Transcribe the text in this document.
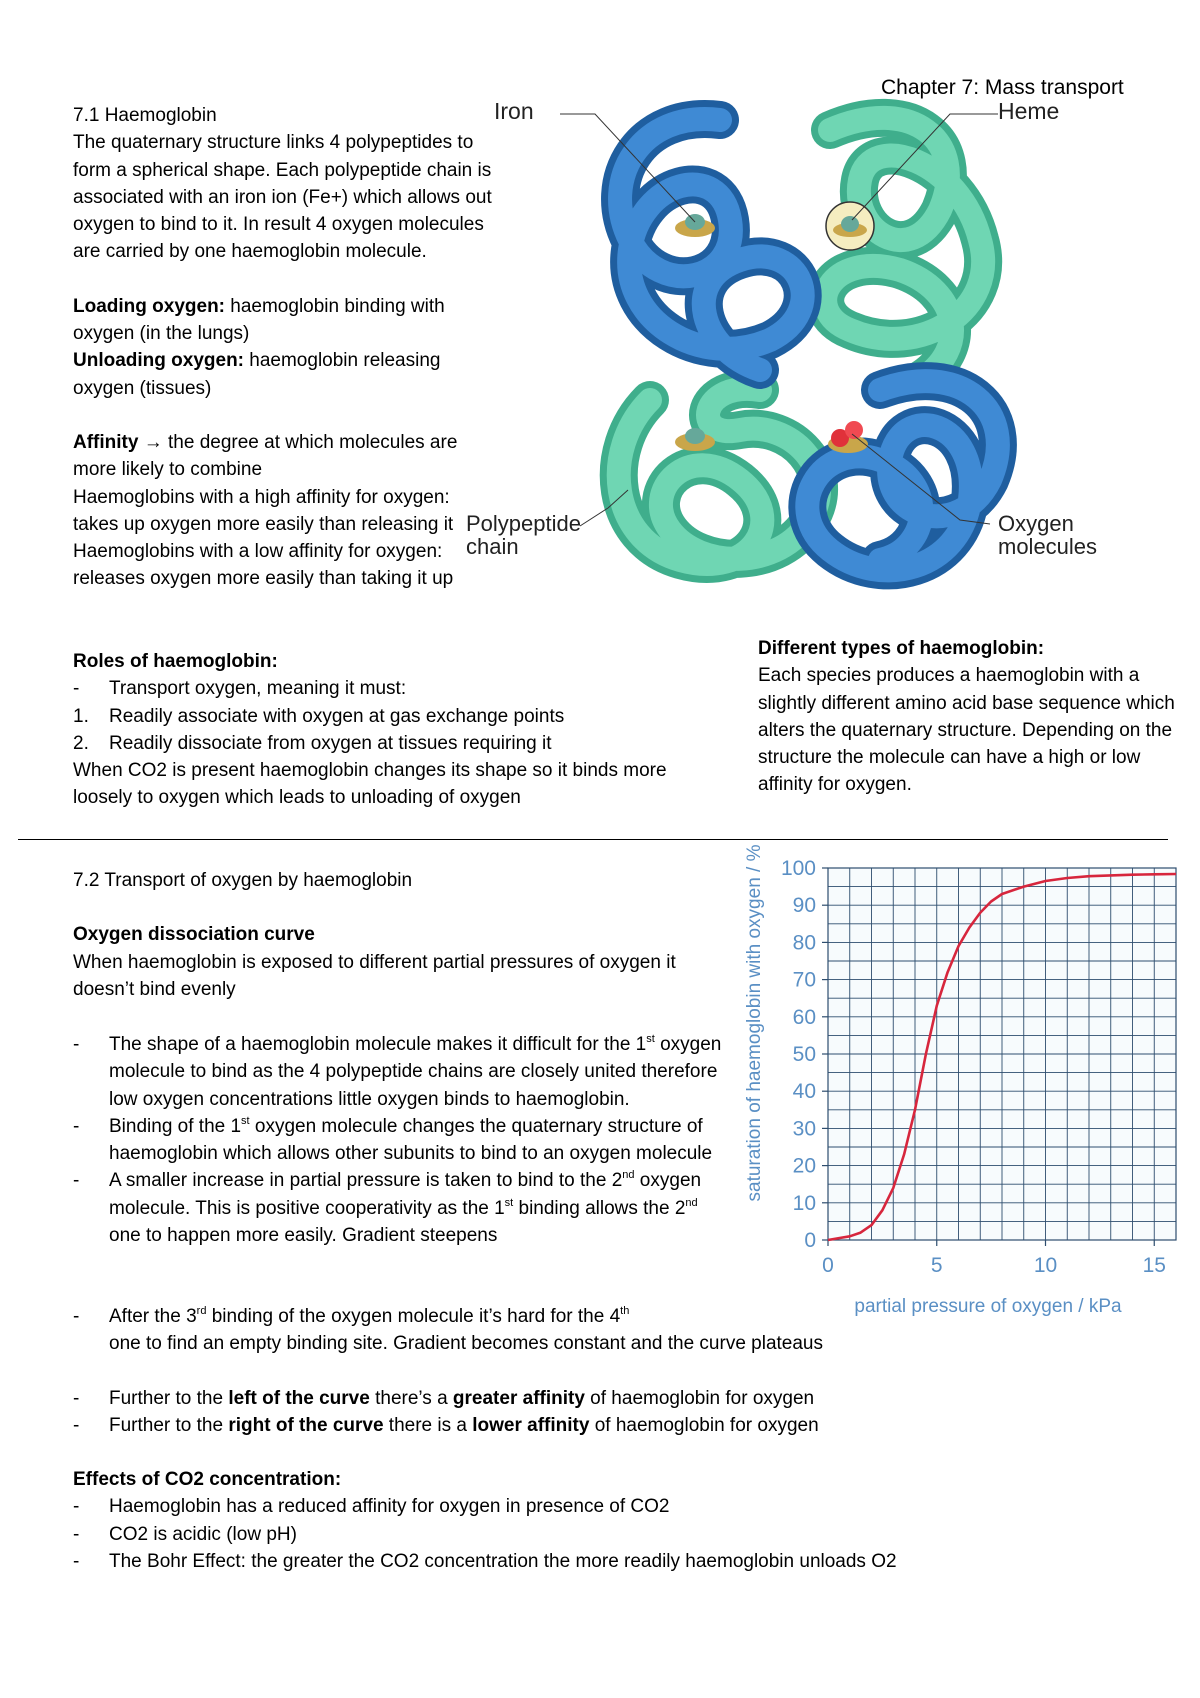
Chapter 7: Mass transport

7.1 Haemoglobin

The quaternary structure links 4 polypeptides to form a spherical shape. Each polypeptide chain is associated with an iron ion (Fe+) which allows out oxygen to bind to it. In result 4 oxygen molecules are carried by one haemoglobin molecule.

Loading oxygen: haemoglobin binding with oxygen (in the lungs)

Unloading oxygen: haemoglobin releasing oxygen (tissues)

Affinity → the degree at which molecules are more likely to combine

Haemoglobins with a high affinity for oxygen: takes up oxygen more easily than releasing it

Haemoglobins with a low affinity for oxygen: releases oxygen more easily than taking it up

Roles of haemoglobin:

- Transport oxygen, meaning it must:
1. Readily associate with oxygen at gas exchange points
2. Readily dissociate from oxygen at tissues requiring it

When CO2 is present haemoglobin changes its shape so it binds more loosely to oxygen which leads to unloading of oxygen

Iron	Heme
Polypeptide
chain
Oxygen
molecules

Different types of haemoglobin:

Each species produces a haemoglobin with a slightly different amino acid base sequence which alters the quaternary structure. Depending on the structure the molecule can have a high or low affinity for oxygen.

7.2 Transport of oxygen by haemoglobin

Oxygen dissociation curve

When haemoglobin is exposed to different partial pressures of oxygen it doesn’t bind evenly

- The shape of a haemoglobin molecule makes it difficult for the 1st oxygen molecule to bind as the 4 polypeptide chains are closely united therefore low oxygen concentrations little oxygen binds to haemoglobin.
- Binding of the 1st oxygen molecule changes the quaternary structure of haemoglobin which allows other subunits to bind to an oxygen molecule
- A smaller increase in partial pressure is taken to bind to the 2nd oxygen molecule. This is positive cooperativity as the 1st binding allows the 2nd one to happen more easily. Gradient steepens
- After the 3rd binding of the oxygen molecule it’s hard for the 4th
one to find an empty binding site. Gradient becomes constant and the curve plateaus
- Further to the left of the curve there’s a greater affinity of haemoglobin for oxygen
- Further to the right of the curve there is a lower affinity of haemoglobin for oxygen

Effects of CO2 concentration:

- Haemoglobin has a reduced affinity for oxygen in presence of CO2
- CO2 is acidic (low pH)
- The Bohr Effect: the greater the CO2 concentration the more readily haemoglobin unloads O2
0
10
20
30
40
50
60
70
80
90
100
0	5	10	15
saturation of haemoglobin with oxygen / %
partial pressure of oxygen / kPa
